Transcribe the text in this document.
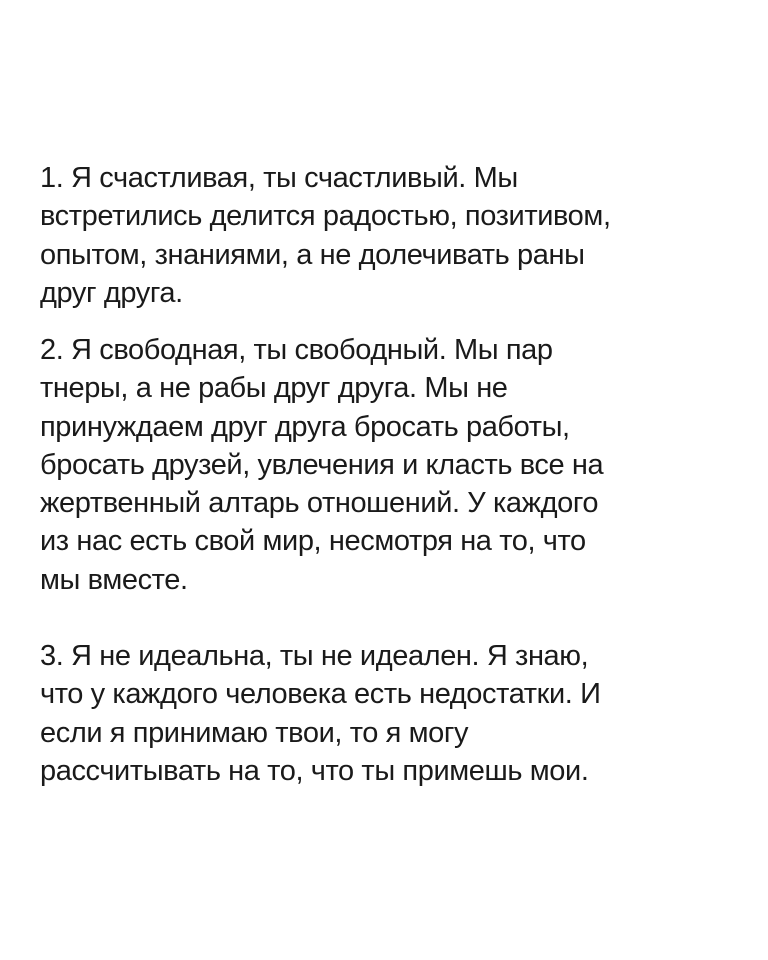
1. Я счастливая, ты счастливый. Мы
встретились делится радостью, позитивом,
опытом, знаниями, а не долечивать раны
друг друга.
2. Я свободная, ты свободный. Мы пар
тнеры, а не рабы друг друга. Мы не
принуждаем друг друга бросать работы,
бросать друзей, увлечения и класть все на
жертвенный алтарь отношений. У каждого
из нас есть свой мир, несмотря на то, что
мы вместе.
3. Я не идеальна, ты не идеален. Я знаю,
что у каждого человека есть недостатки. И
если я принимаю твои, то я могу
рассчитывать на то, что ты примешь мои.
